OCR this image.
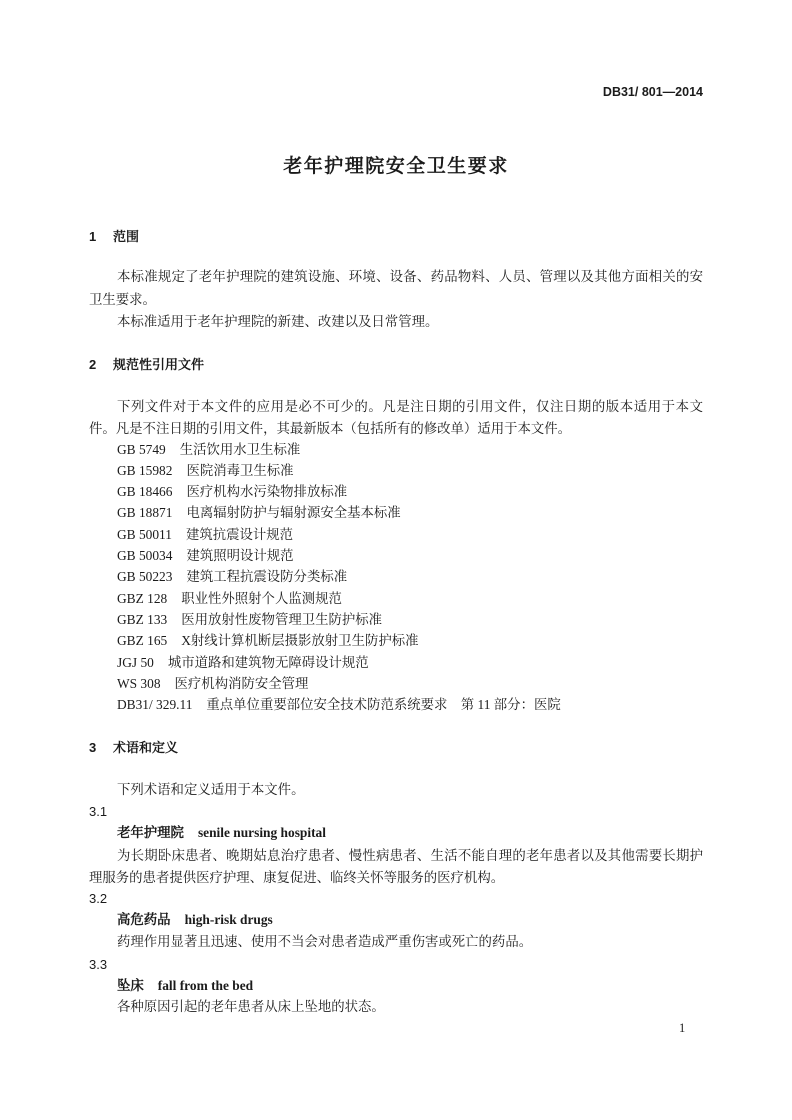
DB31/ 801—2014
老年护理院安全卫生要求
1 范围
本标准规定了老年护理院的建筑设施、环境、设备、药品物料、人员、管理以及其他方面相关的安
卫生要求。
本标准适用于老年护理院的新建、改建以及日常管理。
2 规范性引用文件
下列文件对于本文件的应用是必不可少的。凡是注日期的引用文件，仅注日期的版本适用于本文
件。凡是不注日期的引用文件，其最新版本（包括所有的修改单）适用于本文件。
GB 5749 生活饮用水卫生标准
GB 15982 医院消毒卫生标准
GB 18466 医疗机构水污染物排放标准
GB 18871 电离辐射防护与辐射源安全基本标准
GB 50011 建筑抗震设计规范
GB 50034 建筑照明设计规范
GB 50223 建筑工程抗震设防分类标准
GBZ 128 职业性外照射个人监测规范
GBZ 133 医用放射性废物管理卫生防护标准
GBZ 165 X射线计算机断层摄影放射卫生防护标准
JGJ 50 城市道路和建筑物无障碍设计规范
WS 308 医疗机构消防安全管理
DB31/ 329.11 重点单位重要部位安全技术防范系统要求　第 11 部分：医院
3 术语和定义
下列术语和定义适用于本文件。
3.1
老年护理院 senile nursing hospital
为长期卧床患者、晚期姑息治疗患者、慢性病患者、生活不能自理的老年患者以及其他需要长期护
理服务的患者提供医疗护理、康复促进、临终关怀等服务的医疗机构。
3.2
高危药品 high-risk drugs
药理作用显著且迅速、使用不当会对患者造成严重伤害或死亡的药品。
3.3
坠床 fall from the bed
各种原因引起的老年患者从床上坠地的状态。
1
